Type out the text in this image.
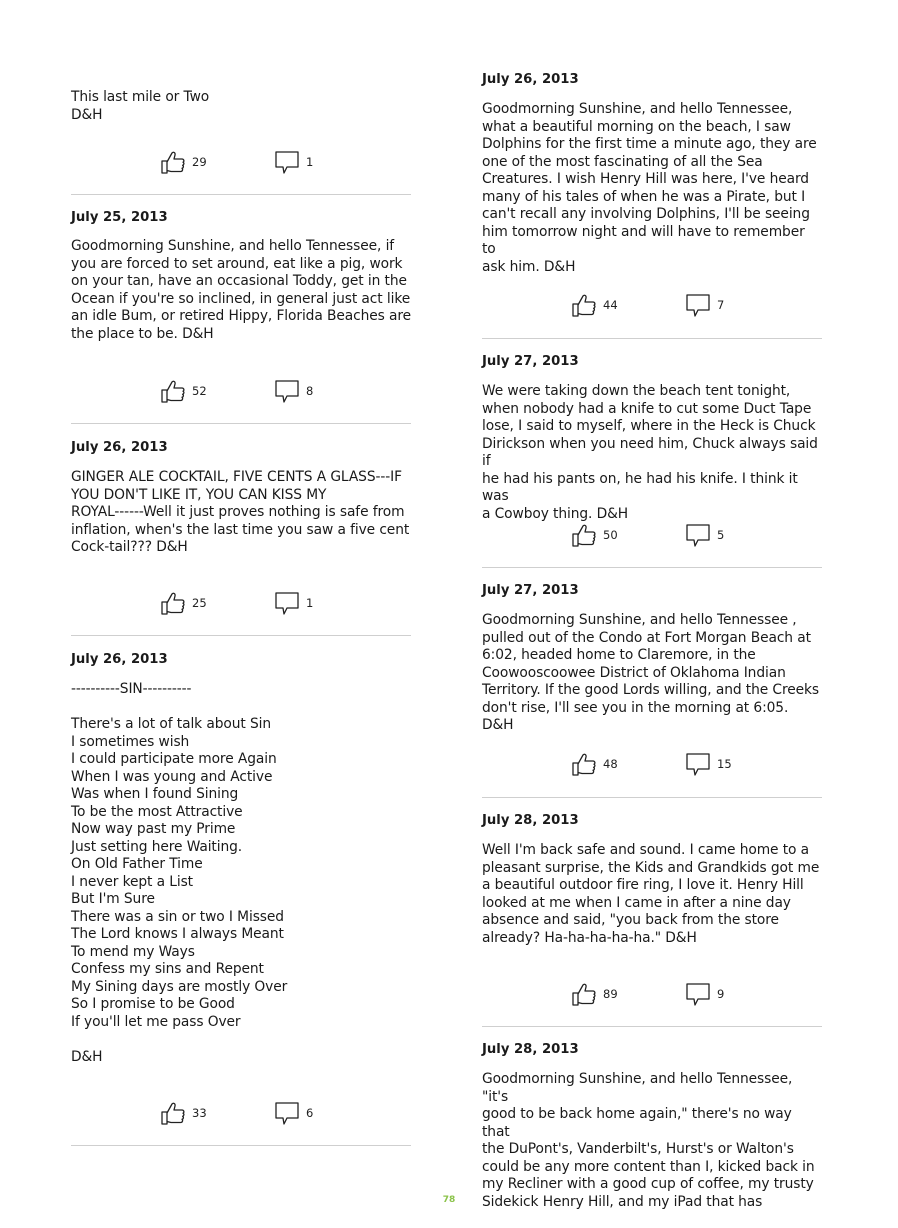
This last mile or Two
D&H

29	1

July 25, 2013

Goodmorning Sunshine, and hello Tennessee, if
you are forced to set around, eat like a pig, work
on your tan, have an occasional Toddy, get in the
Ocean if you're so inclined, in general just act like
an idle Bum, or retired Hippy, Florida Beaches are
the place to be. D&H

52	8

July 26, 2013

GINGER ALE COCKTAIL, FIVE CENTS A GLASS---IF
YOU DON'T LIKE IT, YOU CAN KISS MY
ROYAL------Well it just proves nothing is safe from
inflation, when's the last time you saw a five cent
Cock-tail??? D&H

25	1

July 26, 2013

----------SIN----------

There's a lot of talk about Sin
I sometimes wish
I could participate more Again
When I was young and Active
Was when I found Sining
To be the most Attractive
Now way past my Prime
Just setting here Waiting.
On Old Father Time
I never kept a List
But I'm Sure
There was a sin or two I Missed
The Lord knows I always Meant
To mend my Ways
Confess my sins and Repent
My Sining days are mostly Over
So I promise to be Good
If you'll let me pass Over

D&H

33	6

July 26, 2013

Goodmorning Sunshine, and hello Tennessee,
what a beautiful morning on the beach, I saw
Dolphins for the first time a minute ago, they are
one of the most fascinating of all the Sea
Creatures. I wish Henry Hill was here, I've heard
many of his tales of when he was a Pirate, but I
can't recall any involving Dolphins, I'll be seeing
him tomorrow night and will have to remember to
ask him. D&H

44	7

July 27, 2013

We were taking down the beach tent tonight,
when nobody had a knife to cut some Duct Tape
lose, I said to myself, where in the Heck is Chuck
Dirickson when you need him, Chuck always said if
he had his pants on, he had his knife. I think it was
a Cowboy thing. D&H

50	5

July 27, 2013

Goodmorning Sunshine, and hello Tennessee ,
pulled out of the Condo at Fort Morgan Beach at
6:02, headed home to Claremore, in the
Coowooscoowee District of Oklahoma Indian
Territory. If the good Lords willing, and the Creeks
don't rise, I'll see you in the morning at 6:05. D&H

48	15

July 28, 2013

Well I'm back safe and sound. I came home to a
pleasant surprise, the Kids and Grandkids got me
a beautiful outdoor fire ring, I love it. Henry Hill
looked at me when I came in after a nine day
absence and said, "you back from the store
already? Ha-ha-ha-ha-ha." D&H

89	9

July 28, 2013

Goodmorning Sunshine, and hello Tennessee, "it's
good to be back home again," there's no way that
the DuPont's, Vanderbilt's, Hurst's or Walton's
could be any more content than I, kicked back in
my Recliner with a good cup of coffee, my trusty
Sidekick Henry Hill, and my iPad that has

78
